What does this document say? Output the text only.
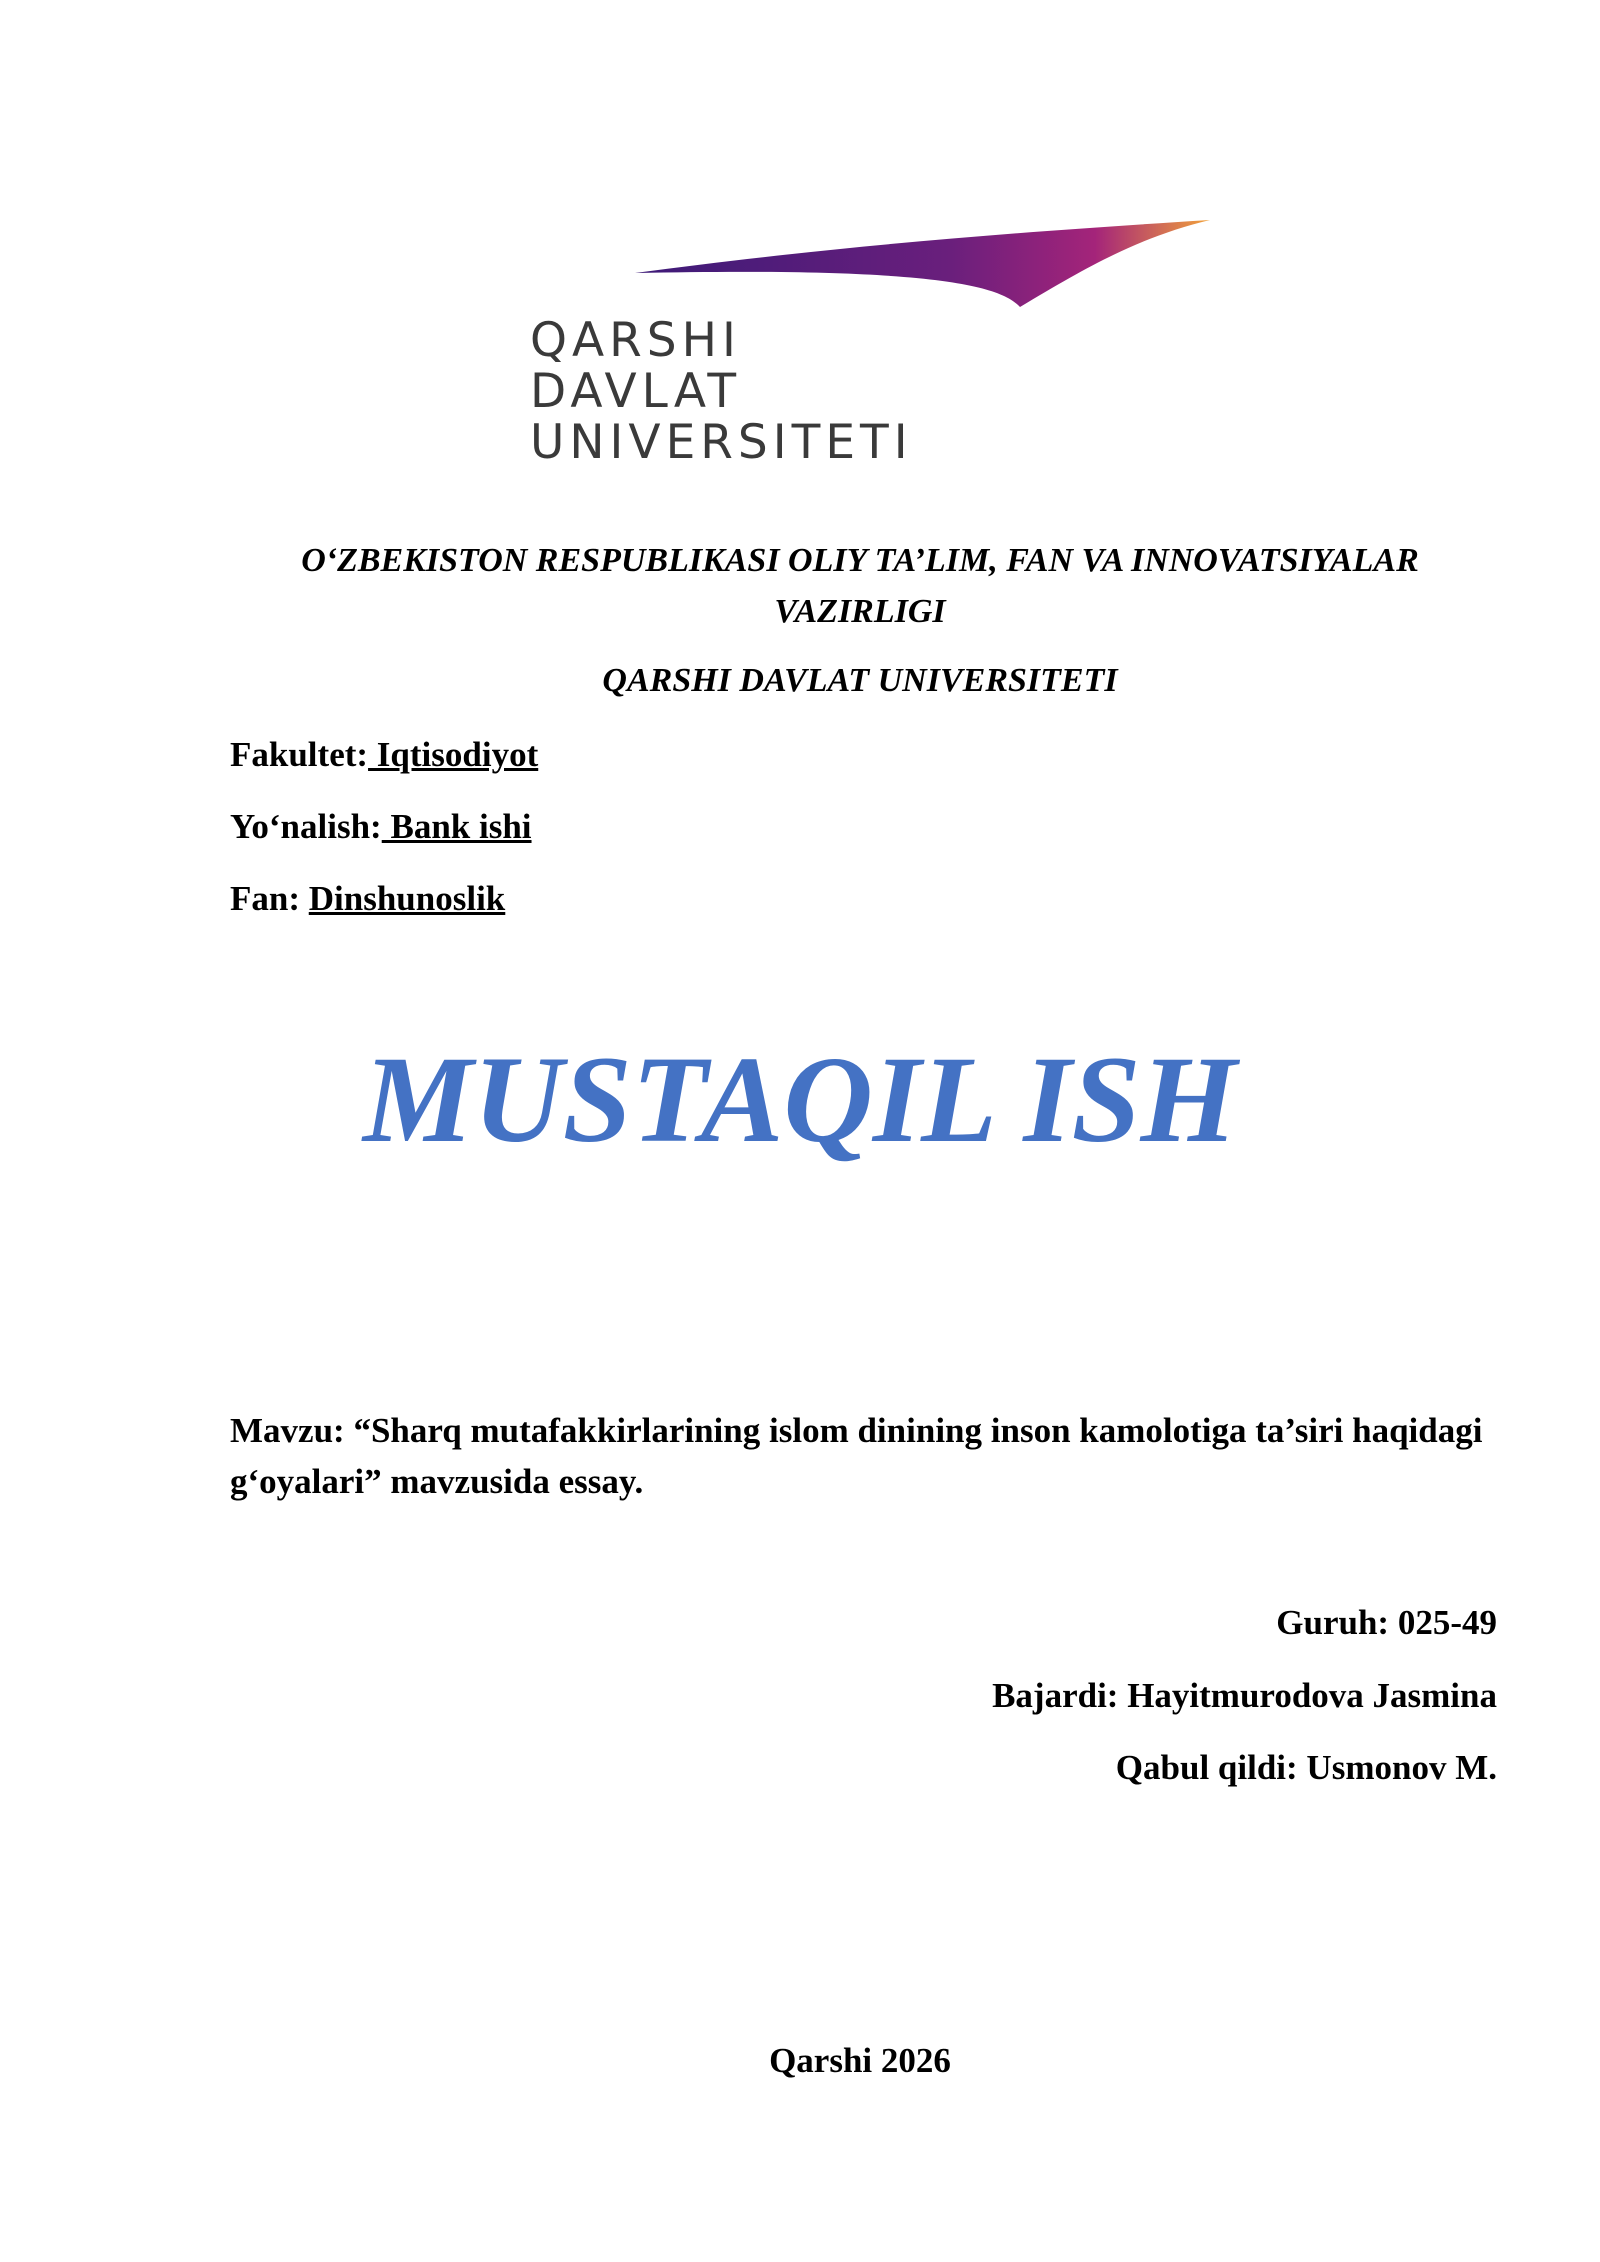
QARSHI
DAVLAT
UNIVERSITETI
O‘ZBEKISTON RESPUBLIKASI OLIY TA’LIM, FAN VA INNOVATSIYALAR VAZIRLIGI
QARSHI DAVLAT UNIVERSITETI
Fakultet: Iqtisodiyot
Yo‘nalish: Bank ishi
Fan: Dinshunoslik
MUSTAQIL ISH
Mavzu: “Sharq mutafakkirlarining islom dinining inson kamolotiga ta’siri haqidagi g‘oyalari” mavzusida essay.
Guruh: 025-49
Bajardi: Hayitmurodova Jasmina
Qabul qildi: Usmonov M.
Qarshi 2026
